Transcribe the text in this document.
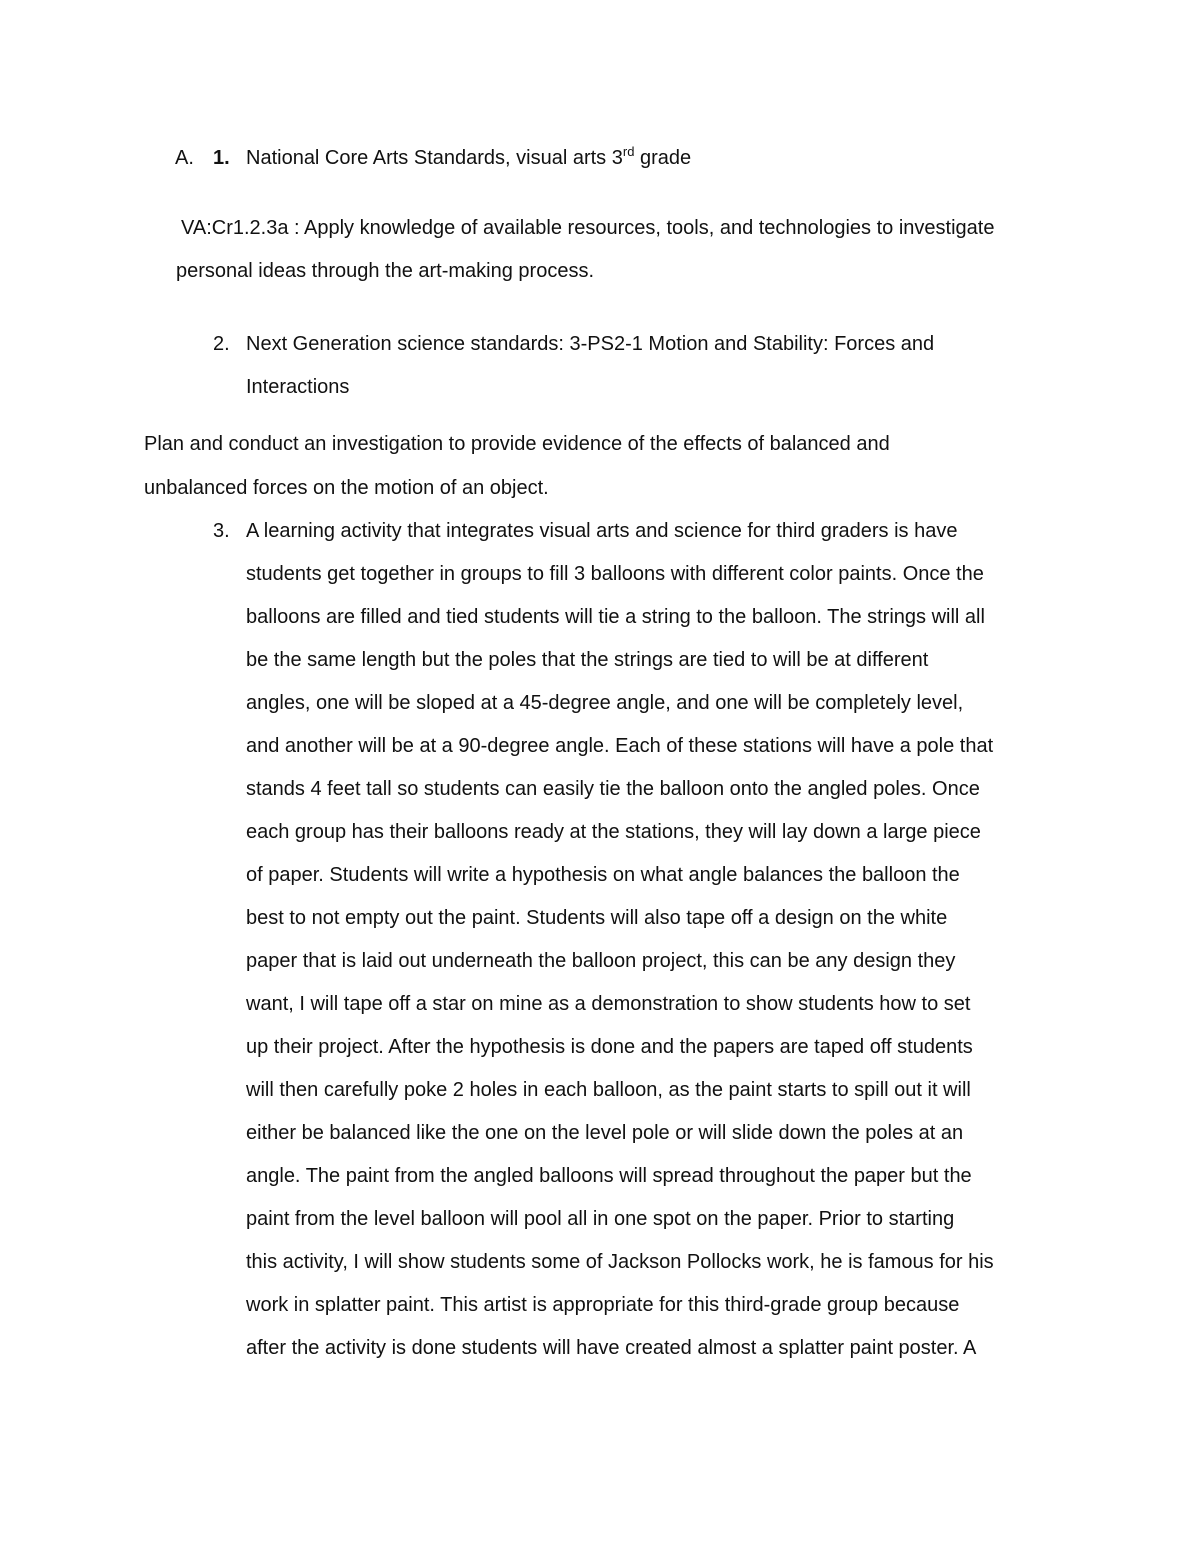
A. 1. National Core Arts Standards, visual arts 3rd grade
VA:Cr1.2.3a : Apply knowledge of available resources, tools, and technologies to investigate
personal ideas through the art-making process.
2. Next Generation science standards: 3-PS2-1 Motion and Stability: Forces and
Interactions
Plan and conduct an investigation to provide evidence of the effects of balanced and
unbalanced forces on the motion of an object.
3. A learning activity that integrates visual arts and science for third graders is have
students get together in groups to fill 3 balloons with different color paints. Once the
balloons are filled and tied students will tie a string to the balloon. The strings will all
be the same length but the poles that the strings are tied to will be at different
angles, one will be sloped at a 45-degree angle, and one will be completely level,
and another will be at a 90-degree angle. Each of these stations will have a pole that
stands 4 feet tall so students can easily tie the balloon onto the angled poles. Once
each group has their balloons ready at the stations, they will lay down a large piece
of paper. Students will write a hypothesis on what angle balances the balloon the
best to not empty out the paint. Students will also tape off a design on the white
paper that is laid out underneath the balloon project, this can be any design they
want, I will tape off a star on mine as a demonstration to show students how to set
up their project. After the hypothesis is done and the papers are taped off students
will then carefully poke 2 holes in each balloon, as the paint starts to spill out it will
either be balanced like the one on the level pole or will slide down the poles at an
angle. The paint from the angled balloons will spread throughout the paper but the
paint from the level balloon will pool all in one spot on the paper. Prior to starting
this activity, I will show students some of Jackson Pollocks work, he is famous for his
work in splatter paint. This artist is appropriate for this third-grade group because
after the activity is done students will have created almost a splatter paint poster. A
